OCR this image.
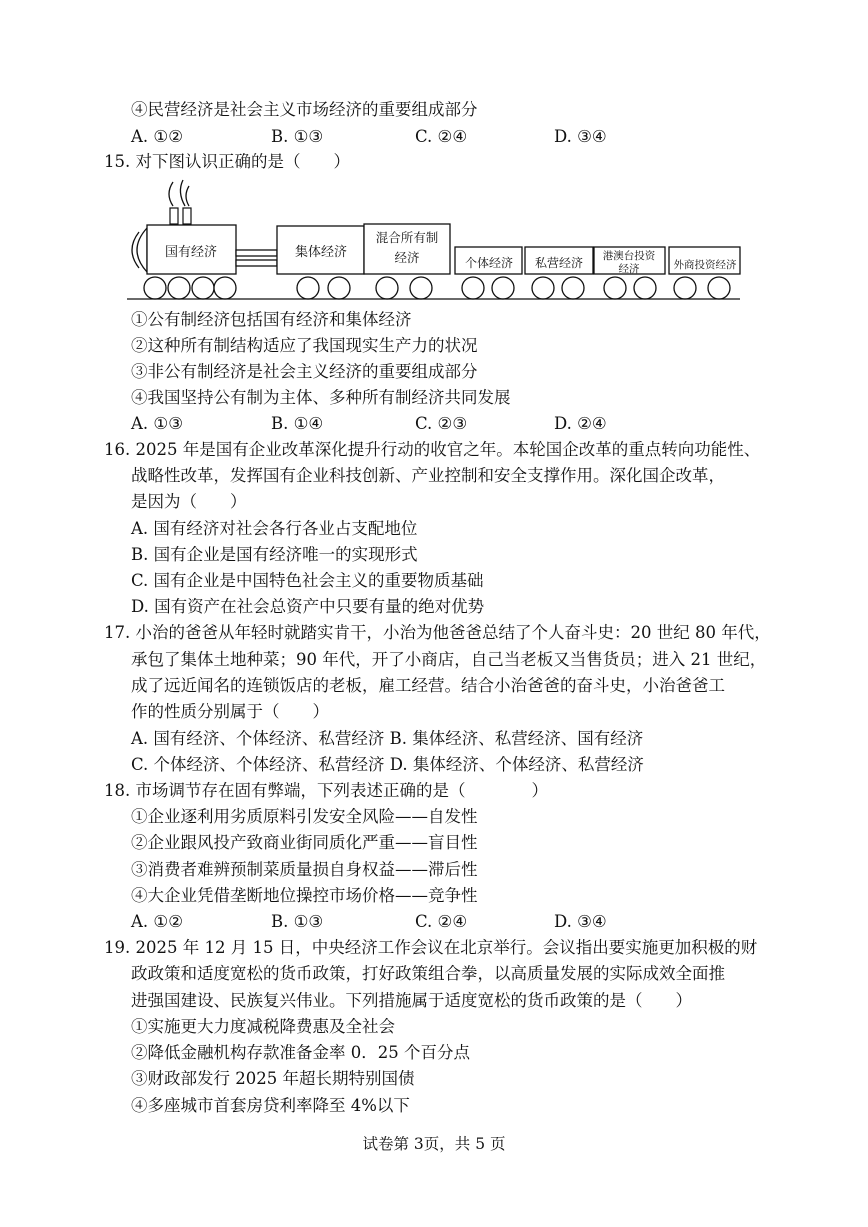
④民营经济是社会主义市场经济的重要组成部分
A. ①②	B. ①③	C. ②④	D. ③④
15. 对下图认识正确的是（　　）
国有经济	集体经济
混合所有制经济	个体经济 私营经济 港澳台投资经济	外商投资经济
①公有制经济包括国有经济和集体经济
②这种所有制结构适应了我国现实生产力的状况
③非公有制经济是社会主义经济的重要组成部分
④我国坚持公有制为主体、多种所有制经济共同发展
A. ①③	B. ①④	C. ②③	D. ②④
16. 2025 年是国有企业改革深化提升行动的收官之年。本轮国企改革的重点转向功能性、
战略性改革，发挥国有企业科技创新、产业控制和安全支撑作用。深化国企改革，
是因为（　　）
A. 国有经济对社会各行各业占支配地位
B. 国有企业是国有经济唯一的实现形式
C. 国有企业是中国特色社会主义的重要物质基础
D. 国有资产在社会总资产中只要有量的绝对优势
17. 小治的爸爸从年轻时就踏实肯干，小治为他爸爸总结了个人奋斗史：20 世纪 80 年代，
承包了集体土地种菜；90 年代，开了小商店，自己当老板又当售货员；进入 21 世纪，
成了远近闻名的连锁饭店的老板，雇工经营。结合小治爸爸的奋斗史，小治爸爸工
作的性质分别属于（　　）
A. 国有经济、个体经济、私营经济 B. 集体经济、私营经济、国有经济
C. 个体经济、个体经济、私营经济 D. 集体经济、个体经济、私营经济
18. 市场调节存在固有弊端，下列表述正确的是（　　　　）
①企业逐利用劣质原料引发安全风险——自发性
②企业跟风投产致商业街同质化严重——盲目性
③消费者难辨预制菜质量损自身权益——滞后性
④大企业凭借垄断地位操控市场价格——竞争性
A. ①②	B. ①③	C. ②④	D. ③④
19. 2025 年 12 月 15 日，中央经济工作会议在北京举行。会议指出要实施更加积极的财
政政策和适度宽松的货币政策，打好政策组合拳，以高质量发展的实际成效全面推
进强国建设、民族复兴伟业。下列措施属于适度宽松的货币政策的是（　　）
①实施更大力度减税降费惠及全社会
②降低金融机构存款准备金率 0．25 个百分点
③财政部发行 2025 年超长期特别国债
④多座城市首套房贷利率降至 4%以下
试卷第 3页，共 5 页
